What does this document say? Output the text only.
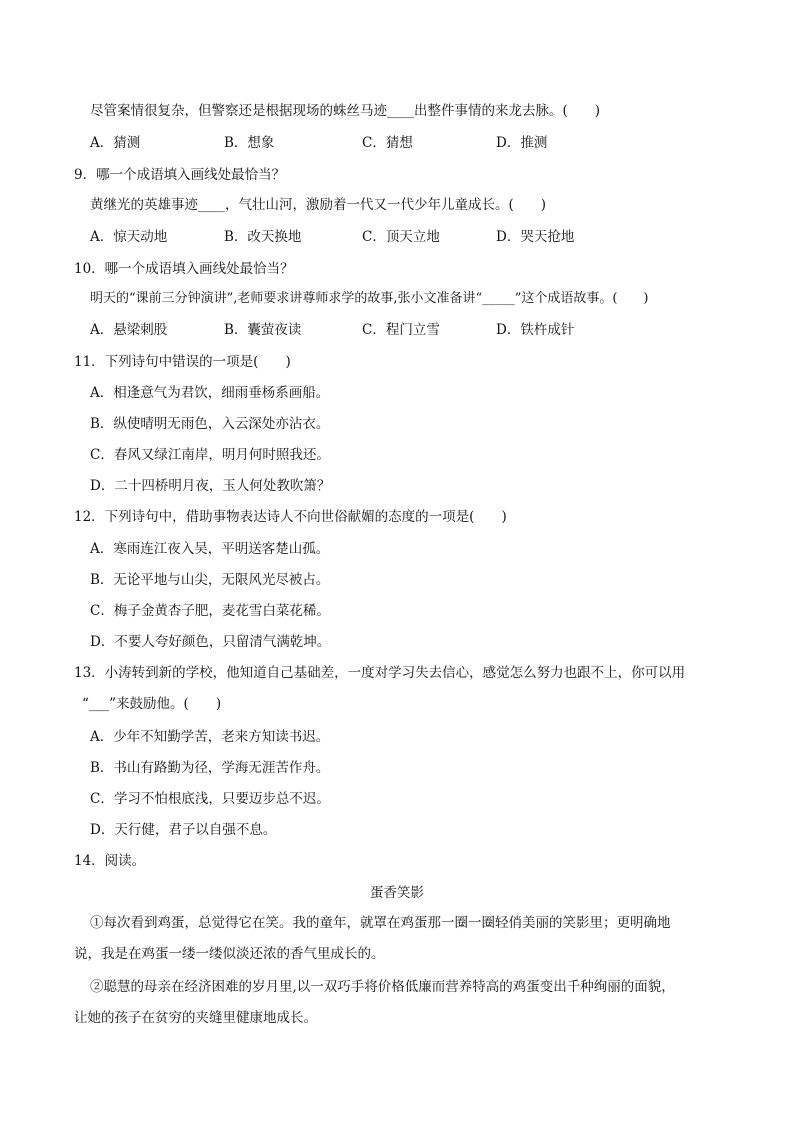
尽管案情很复杂，但警察还是根据现场的蛛丝马迹____出整件事情的来龙去脉。(　　)
A．猜测	B．想象	C．猜想	D．推测
9．哪一个成语填入画线处最恰当？
黄继光的英雄事迹____，气壮山河，激励着一代又一代少年儿童成长。(　　)
A．惊天动地	B．改天换地	C．顶天立地	D．哭天抢地
10．哪一个成语填入画线处最恰当？
明天的“课前三分钟演讲”,老师要求讲尊师求学的故事,张小文准备讲“_____”这个成语故事。(　　)
A．悬梁刺股	B．囊萤夜读	C．程门立雪	D．铁杵成针
11．下列诗句中错误的一项是(　　)
A．相逢意气为君饮，细雨垂杨系画船。
B．纵使晴明无雨色，入云深处亦沾衣。
C．春风又绿江南岸，明月何时照我还。
D．二十四桥明月夜，玉人何处教吹箫？
12．下列诗句中，借助事物表达诗人不向世俗献媚的态度的一项是(　　)
A．寒雨连江夜入吴，平明送客楚山孤。
B．无论平地与山尖，无限风光尽被占。
C．梅子金黄杏子肥，麦花雪白菜花稀。
D．不要人夸好颜色，只留清气满乾坤。
13．小涛转到新的学校，他知道自己基础差，一度对学习失去信心，感觉怎么努力也跟不上，你可以用
“___”来鼓励他。(　　)
A．少年不知勤学苦，老来方知读书迟。
B．书山有路勤为径，学海无涯苦作舟。
C．学习不怕根底浅，只要迈步总不迟。
D．天行健，君子以自强不息。
14．阅读。
蛋香笑影
①每次看到鸡蛋，总觉得它在笑。我的童年，就罩在鸡蛋那一圈一圈轻俏美丽的笑影里；更明确地
说，我是在鸡蛋一缕一缕似淡还浓的香气里成长的。
②聪慧的母亲在经济困难的岁月里,以一双巧手将价格低廉而营养特高的鸡蛋变出千种绚丽的面貌，
让她的孩子在贫穷的夹缝里健康地成长。
